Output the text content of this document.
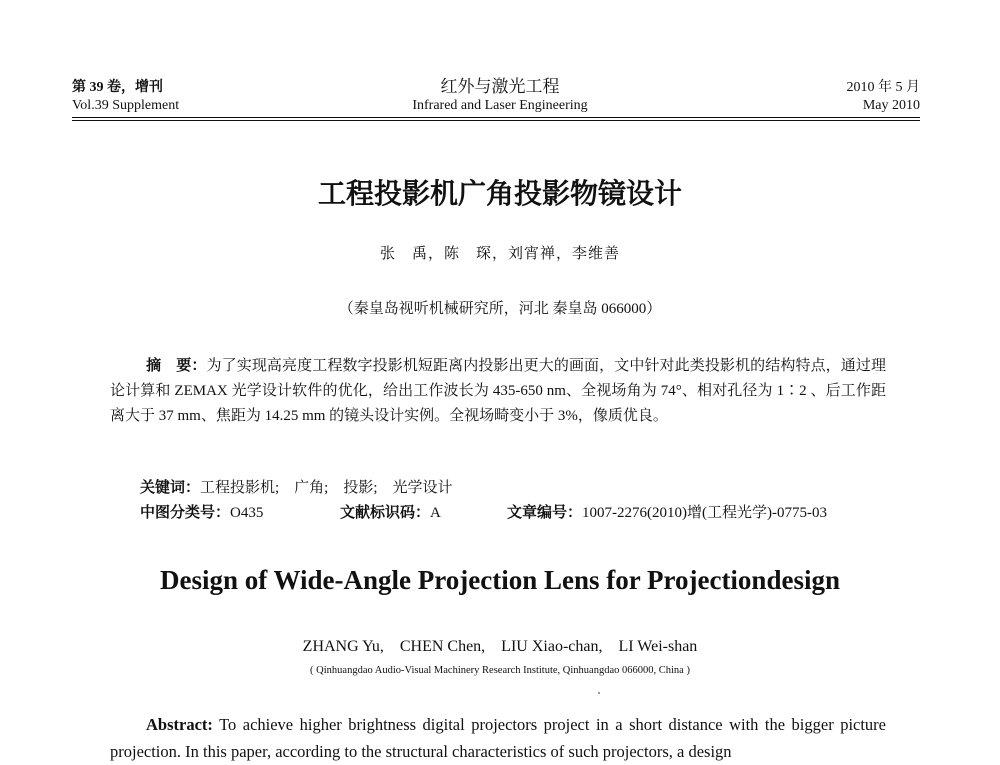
第 39 卷，增刊
Vol.39 Supplement
红外与激光工程
Infrared and Laser Engineering
2010 年 5 月
May 2010
工程投影机广角投影物镜设计
张　禹，陈　琛，刘宵禅，李维善
（秦皇岛视听机械研究所，河北 秦皇岛 066000）
摘　要：为了实现高亮度工程数字投影机短距离内投影出更大的画面，文中针对此类投影机的结构特点，通过理论计算和 ZEMAX 光学设计软件的优化，给出工作波长为 435-650 nm、全视场角为 74°、相对孔径为 1∶2 、后工作距离大于 37 mm、焦距为 14.25 mm 的镜头设计实例。全视场畸变小于 3%，像质优良。
关键词：工程投影机;　广角;　投影;　光学设计
中图分类号：O435	文献标识码：A	文章编号：1007-2276(2010)增(工程光学)-0775-03
Design of Wide-Angle Projection Lens for Projectiondesign
ZHANG Yu,　CHEN Chen,　LIU Xiao-chan,　LI Wei-shan
( Qinhuangdao Audio-Visual Machinery Research Institute, Qinhuangdao 066000, China )
Abstract: To achieve higher brightness digital projectors project in a short distance with the bigger picture projection. In this paper, according to the structural characteristics of such projectors, a design
